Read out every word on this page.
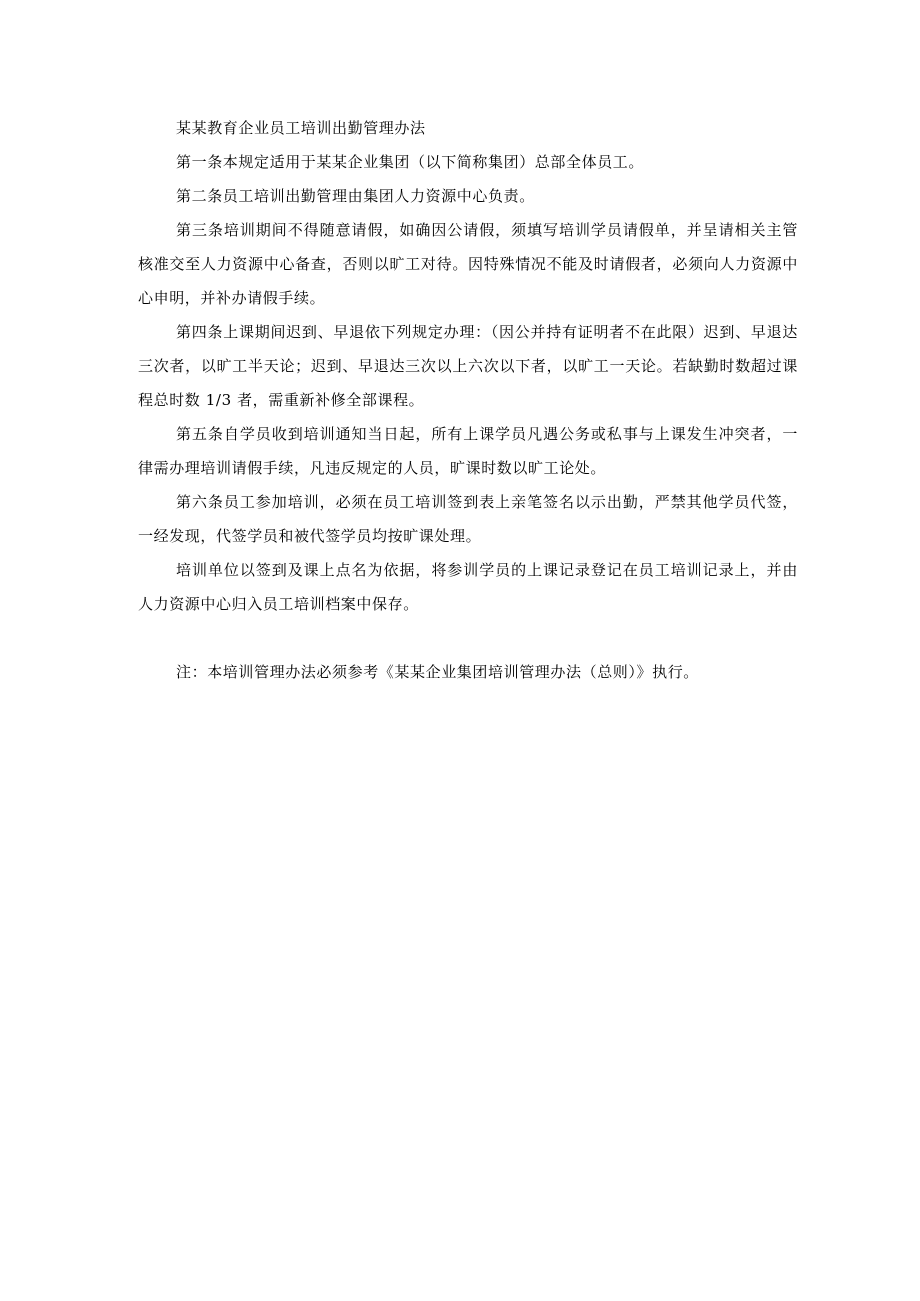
某某教育企业员工培训出勤管理办法

第一条本规定适用于某某企业集团（以下简称集团）总部全体员工。

第二条员工培训出勤管理由集团人力资源中心负责。

第三条培训期间不得随意请假，如确因公请假，须填写培训学员请假单，并呈请相关主管核准交至人力资源中心备查，否则以旷工对待。因特殊情况不能及时请假者，必须向人力资源中心申明，并补办请假手续。

第四条上课期间迟到、早退依下列规定办理：（因公并持有证明者不在此限）迟到、早退达三次者，以旷工半天论；迟到、早退达三次以上六次以下者，以旷工一天论。若缺勤时数超过课程总时数 1/3 者，需重新补修全部课程。

第五条自学员收到培训通知当日起，所有上课学员凡遇公务或私事与上课发生冲突者，一律需办理培训请假手续，凡违反规定的人员，旷课时数以旷工论处。

第六条员工参加培训，必须在员工培训签到表上亲笔签名以示出勤，严禁其他学员代签，一经发现，代签学员和被代签学员均按旷课处理。

培训单位以签到及课上点名为依据，将参训学员的上课记录登记在员工培训记录上，并由人力资源中心归入员工培训档案中保存。

注：本培训管理办法必须参考《某某企业集团培训管理办法（总则）》执行。
